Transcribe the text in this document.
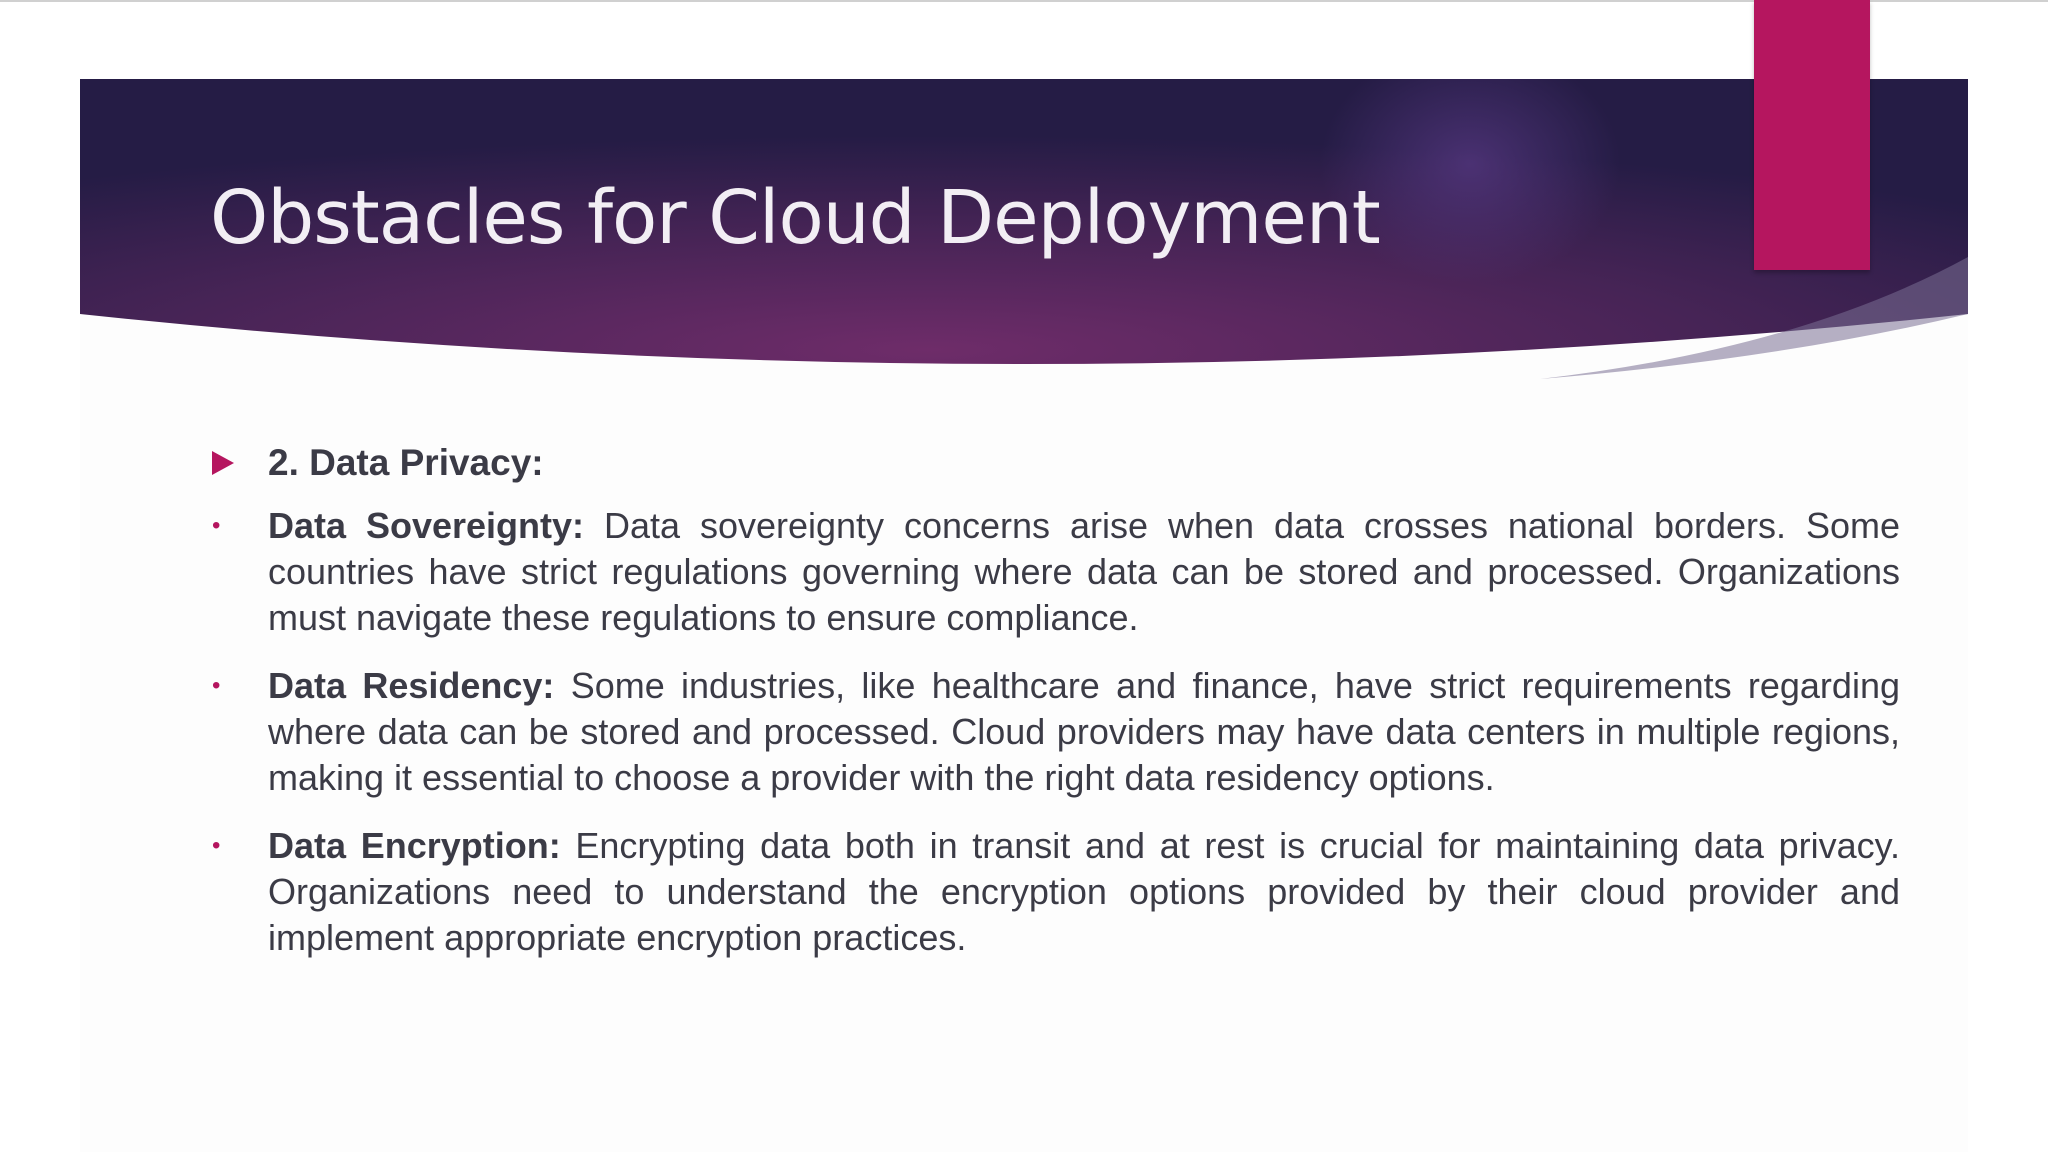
Obstacles for Cloud Deployment
2. Data Privacy:
• Data Sovereignty: Data sovereignty concerns arise when data crosses national borders. Some countries have strict regulations governing where data can be stored and processed. Organizations must navigate these regulations to ensure compliance.
• Data Residency: Some industries, like healthcare and finance, have strict requirements regarding where data can be stored and processed. Cloud providers may have data centers in multiple regions, making it essential to choose a provider with the right data residency options.
• Data Encryption: Encrypting data both in transit and at rest is crucial for maintaining data privacy. Organizations need to understand the encryption options provided by their cloud provider and implement appropriate encryption practices.
